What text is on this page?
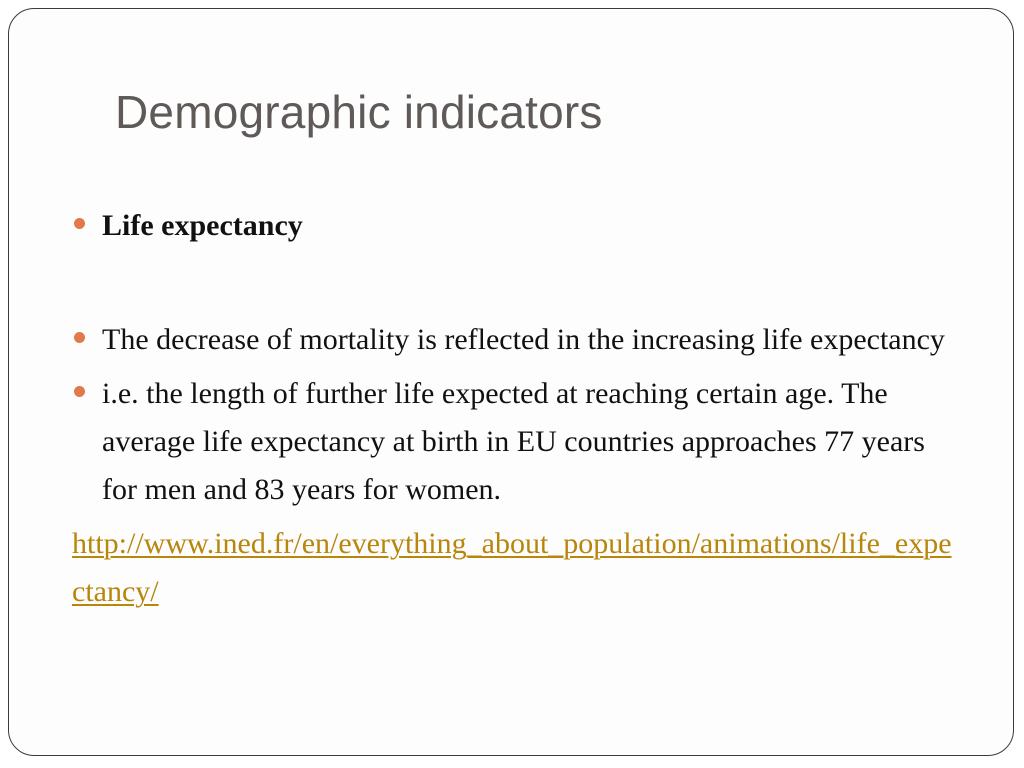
Demographic indicators
Life expectancy
The decrease of mortality is reflected in the increasing life expectancy
i.e. the length of further life expected at reaching certain age. The average life expectancy at birth in EU countries approaches 77 years for men and 83 years for women.
http://www.ined.fr/en/everything_about_population/animations/life_expectancy/
